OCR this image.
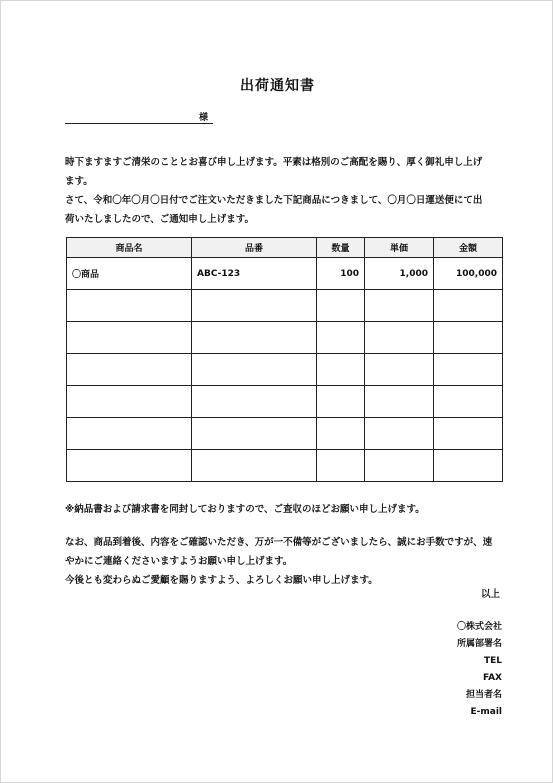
出荷通知書
様

時下ますますご清栄のこととお喜び申し上げます。平素は格別のご高配を賜り、厚く御礼申し上げ

ます。

さて、令和〇年〇月〇日付でご注文いただきました下記商品につきまして、〇月〇日運送便にて出

荷いたしましたので、ご通知申し上げます。

商品名	品番	数量	単価	金額
〇商品	ABC-123	100	1,000	100,000

※納品書および請求書を同封しておりますので、ご査収のほどお願い申し上げます。

なお、商品到着後、内容をご確認いただき、万が一不備等がございましたら、誠にお手数ですが、速

やかにご連絡くださいますようお願い申し上げます。

今後とも変わらぬご愛顧を賜りますよう、よろしくお願い申し上げます。

以上
〇株式会社
所属部署名
TEL
FAX
担当者名
E-mail
